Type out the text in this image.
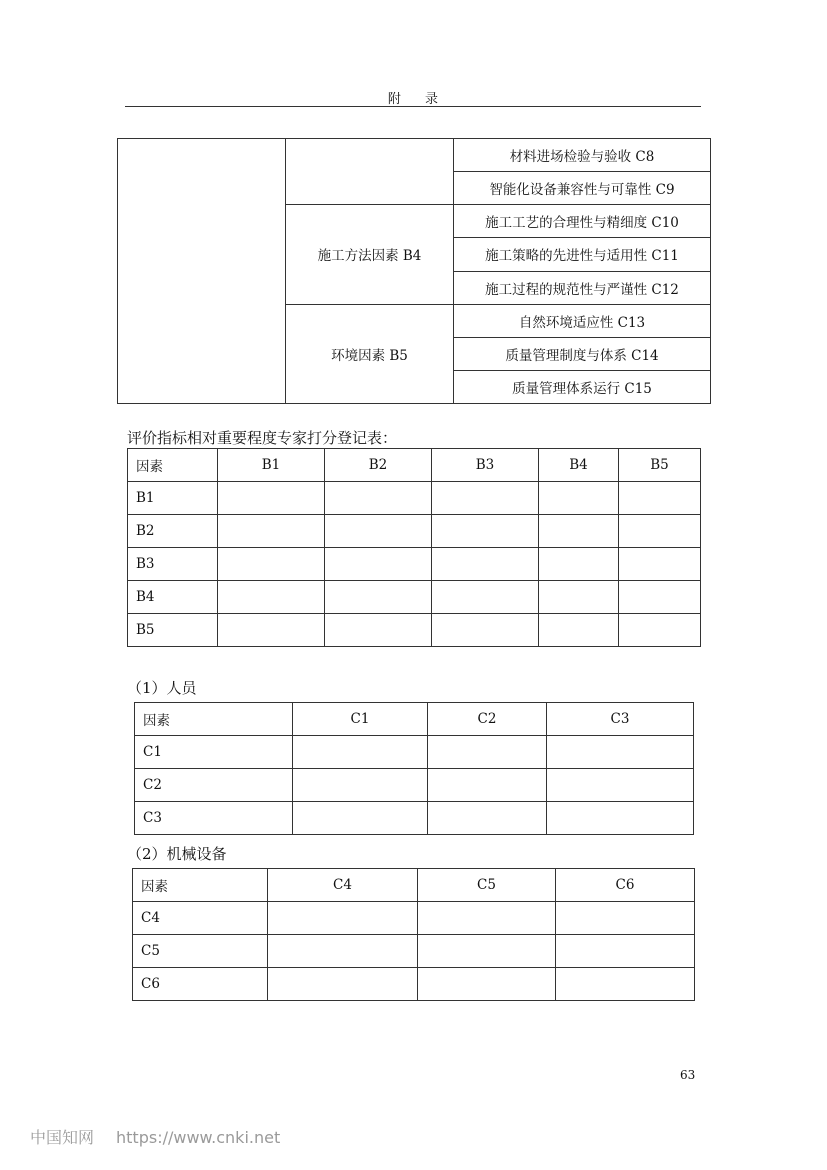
附 录
		材料进场检验与验收 C8
		智能化设备兼容性与可靠性 C9
	施工方法因素 B4	施工工艺的合理性与精细度 C10
		施工策略的先进性与适用性 C11
		施工过程的规范性与严谨性 C12
	环境因素 B5	自然环境适应性 C13
		质量管理制度与体系 C14
		质量管理体系运行 C15
评价指标相对重要程度专家打分登记表：
因素	B1	B2	B3	B4	B5
B1					
B2					
B3					
B4					
B5					
（1）人员
因素	C1	C2	C3
C1			
C2			
C3			
（2）机械设备
因素	C4	C5	C6
C4			
C5			
C6			
63
中国知网 https://www.cnki.net
